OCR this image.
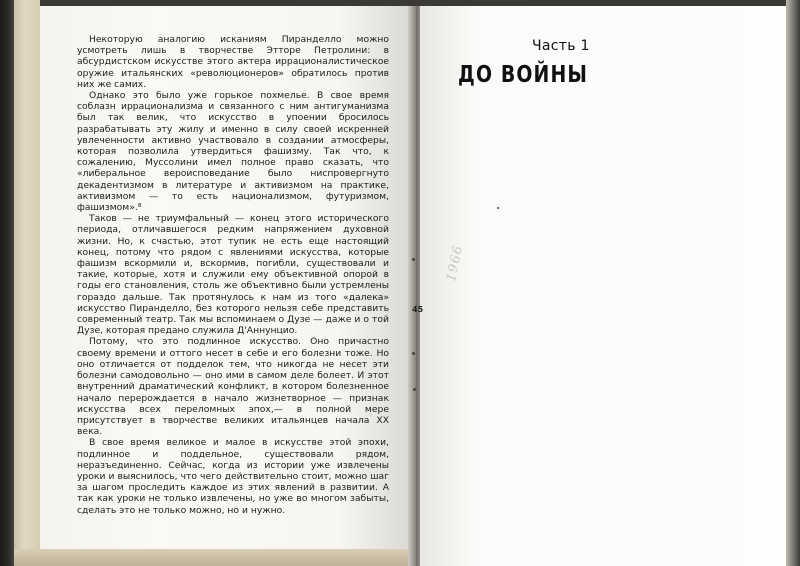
Некоторую аналогию исканиям Пиранделло можно усмотреть лишь в творчестве Этторе Петролини: в абсурдистском искусстве этого актера иррационалистическое оружие итальянских «революционеров» обратилось против них же самих.

Однако это было уже горькое похмелье. В свое время соблазн иррационализма и связанного с ним антигуманизма был так велик, что искусство в упоении бросилось разрабатывать эту жилу и именно в силу своей искренней увлеченности активно участвовало в создании атмосферы, которая позволила утвердиться фашизму. Так что, к сожалению, Муссолини имел полное право сказать, что «либеральное вероисповедание было ниспровергнуто декадентизмом в литературе и активизмом на практике, активизмом — то есть национализмом, футуризмом, фашизмом».⁸

Таков — не триумфальный — конец этого исторического периода, отличавшегося редким напряжением духовной жизни. Но, к счастью, этот тупик не есть еще настоящий конец, потому что рядом с явлениями искусства, которые фашизм вскормили и, вскормив, погибли, существовали и такие, которые, хотя и служили ему объективной опорой в годы его становления, столь же объективно были устремлены гораздо дальше. Так протянулось к нам из того «далека» искусство Пиранделло, без которого нельзя себе представить современный театр. Так мы вспоминаем о Дузе — даже и о той Дузе, которая предано служила Д'Аннунцио.

Потому, что это подлинное искусство. Оно причастно своему времени и оттого несет в себе и его болезни тоже. Но оно отличается от подделок тем, что никогда не несет эти болезни самодовольно — оно ими в самом деле болеет. И этот внутренний драматический конфликт, в котором болезненное начало перерождается в начало жизнетворное — признак искусства всех переломных эпох,— в полной мере присутствует в творчестве великих итальянцев начала XX века.

В свое время великое и малое в искусстве этой эпохи, подлинное и поддельное, существовали рядом, неразъединенно. Сейчас, когда из истории уже извлечены уроки и выяснилось, что чего действительно стоит, можно шаг за шагом проследить каждое из этих явлений в развитии. А так как уроки не только извлечены, но уже во многом забыты, сделать это не только можно, но и нужно.

45
1966
Часть 1
ДО ВОЙНЫ
